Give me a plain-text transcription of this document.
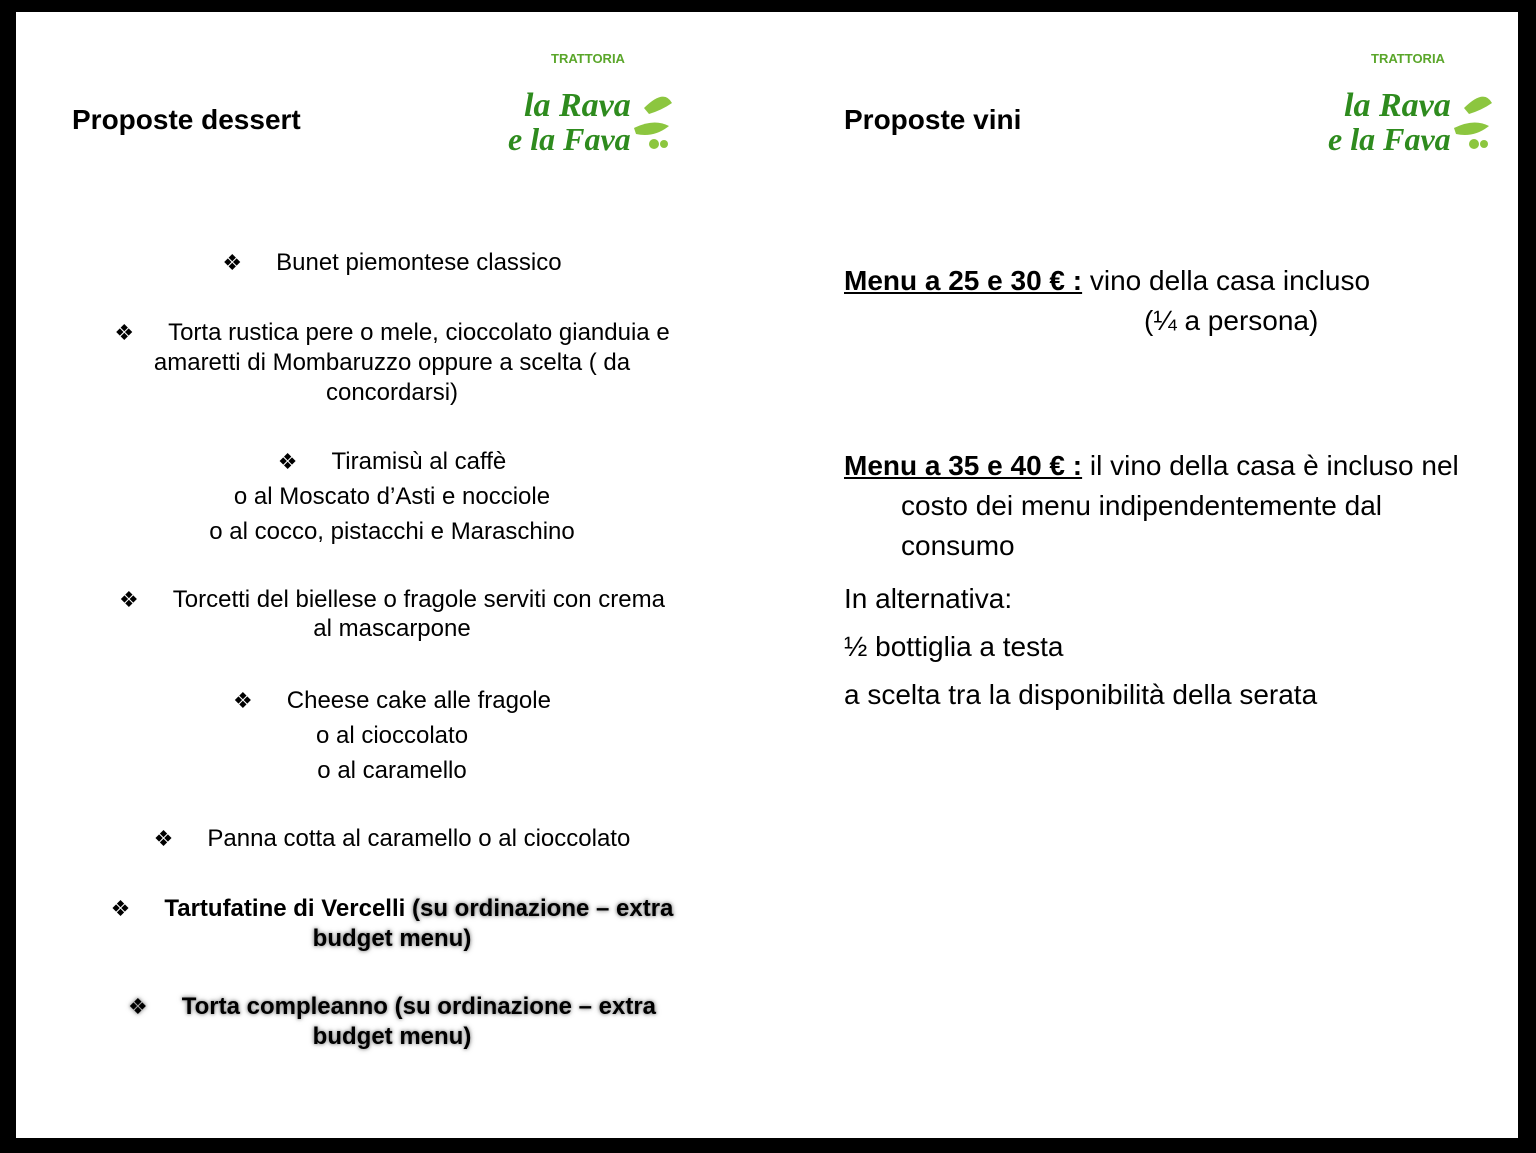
Proposte dessert
TRATTORIA
la Rava
e la Fava
❖ Bunet piemontese classico
❖ Torta rustica pere o mele, cioccolato gianduia e
amaretti di Mombaruzzo oppure a scelta ( da
concordarsi)
❖ Tiramisù al caffè
o al Moscato d’Asti e nocciole
o al cocco, pistacchi e Maraschino
❖ Torcetti del biellese o fragole serviti con crema
al mascarpone
❖ Cheese cake alle fragole
o al cioccolato
o al caramello
❖ Panna cotta al caramello o al cioccolato
❖ Tartufatine di Vercelli (su ordinazione – extra
budget menu)
❖ Torta compleanno (su ordinazione – extra
budget menu)
Proposte vini
TRATTORIA
la Rava
e la Fava
Menu a 25 e 30 € : vino della casa incluso
(¼ a persona)
Menu a 35 e 40 € : il vino della casa è incluso nel

costo dei menu indipendentemente dal
consumo
In alternativa:
½ bottiglia a testa
a scelta tra la disponibilità della serata
